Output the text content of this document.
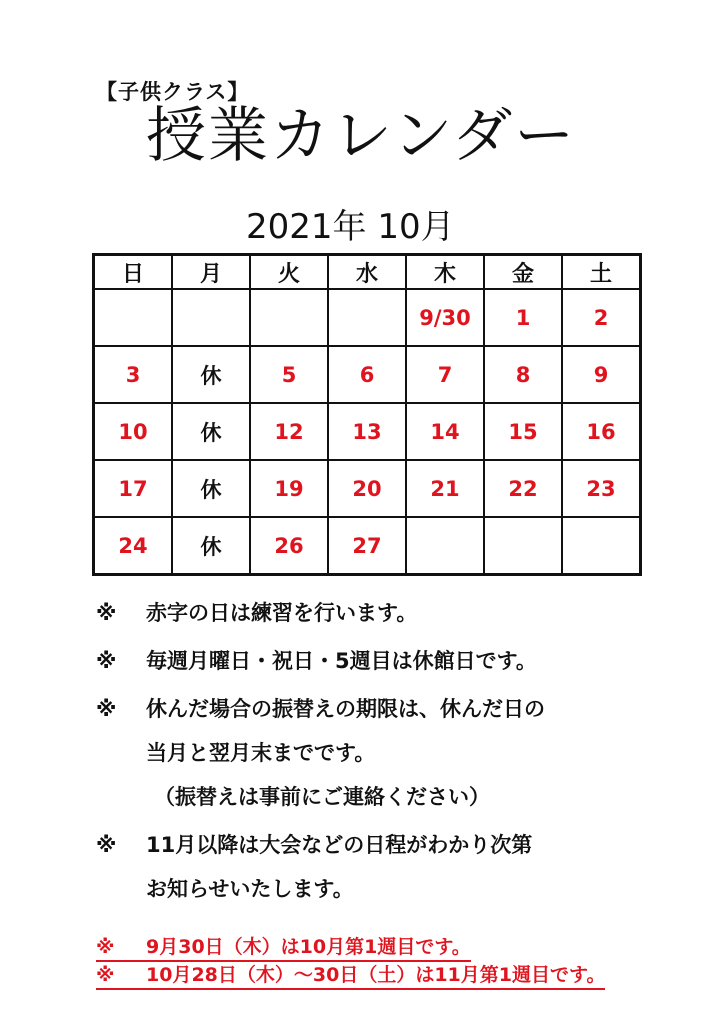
【子供クラス】
授業カレンダー
2021年 10月
日	月	火	水	木	金	土
				9/30	1	2
3	休	5	6	7	8	9
10	休	12	13	14	15	16
17	休	19	20	21	22	23
24	休	26	27			
※	赤字の日は練習を行います。
※	毎週月曜日・祝日・5週目は休館日です。
※	休んだ場合の振替えの期限は、休んだ日の
当月と翌月末までです。
（振替えは事前にご連絡ください）
※	11月以降は大会などの日程がわかり次第
お知らせいたします。
※	9月30日（木）は10月第1週目です。
※	10月28日（木）～30日（土）は11月第1週目です。
